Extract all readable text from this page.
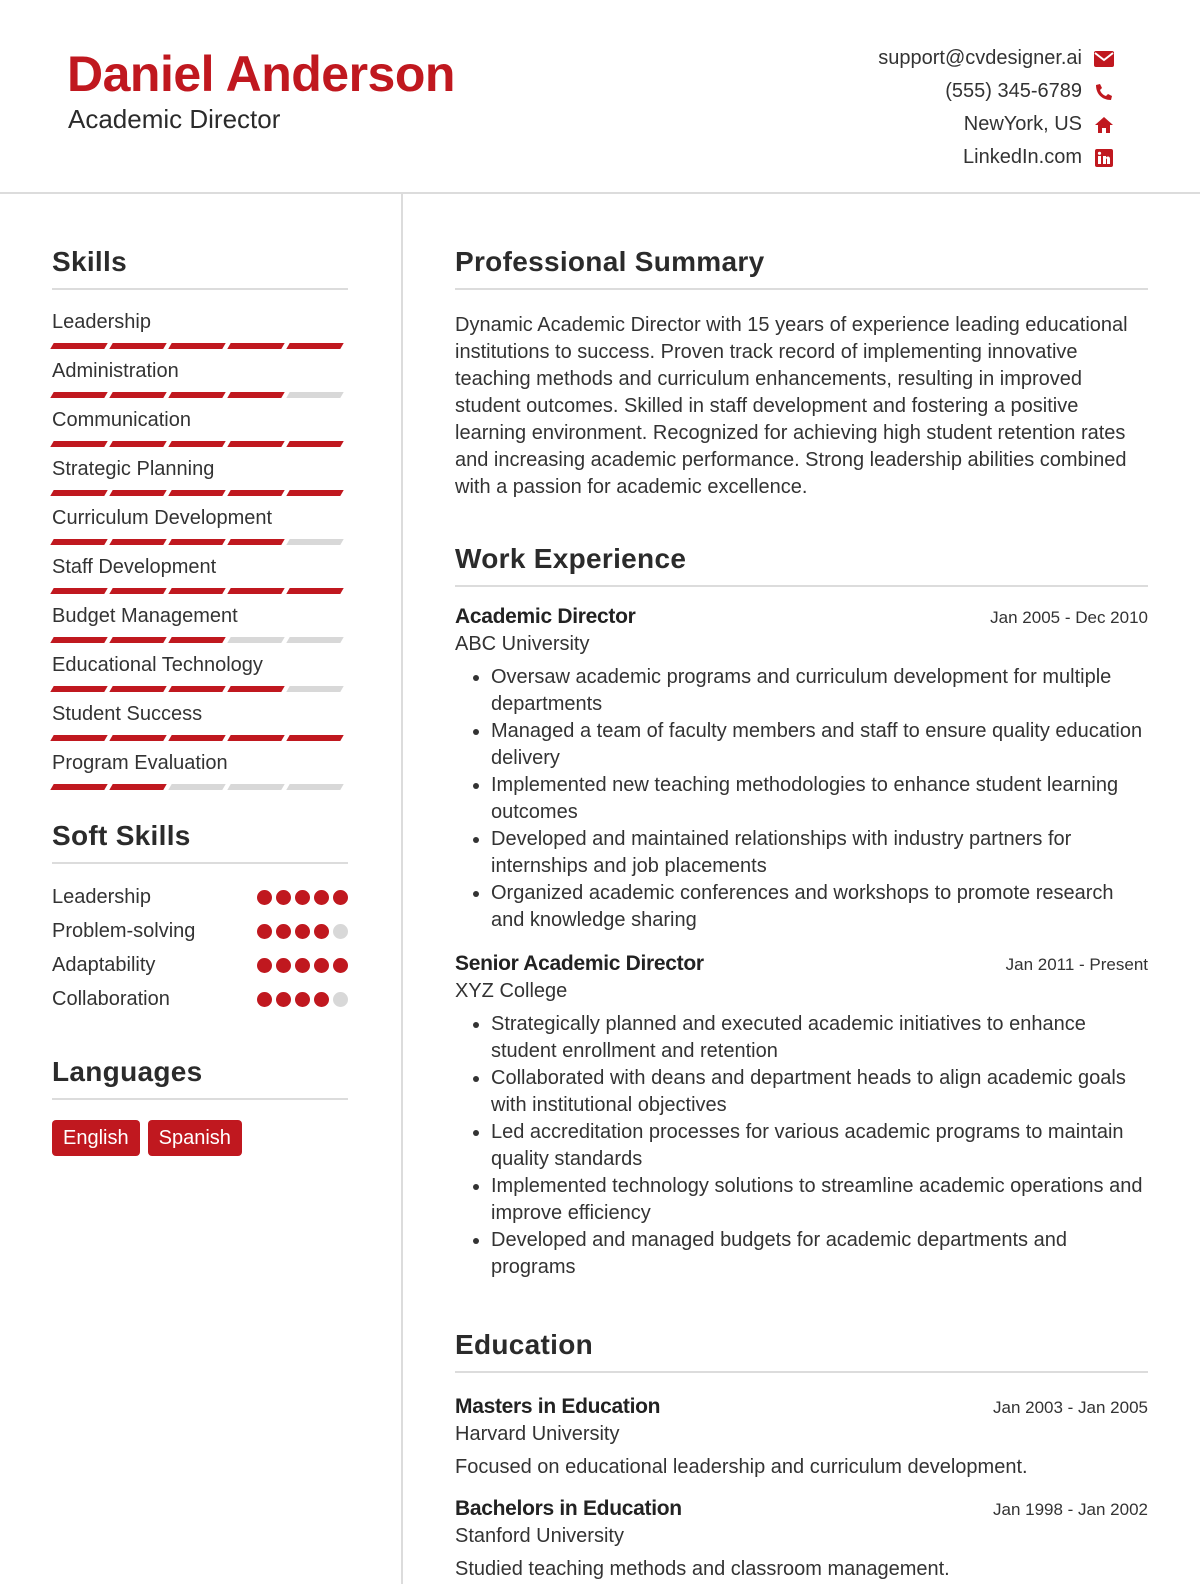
Daniel Anderson
Academic Director
support@cvdesigner.ai
(555) 345-6789
NewYork, US
LinkedIn.com
Skills
Leadership
Administration
Communication
Strategic Planning
Curriculum Development
Staff Development
Budget Management
Educational Technology
Student Success
Program Evaluation
Soft Skills
Leadership
Problem-solving
Adaptability
Collaboration
Languages
English	Spanish
Professional Summary
Dynamic Academic Director with 15 years of experience leading educational institutions to success. Proven track record of implementing innovative teaching methods and curriculum enhancements, resulting in improved student outcomes. Skilled in staff development and fostering a positive learning environment. Recognized for achieving high student retention rates and increasing academic performance. Strong leadership abilities combined with a passion for academic excellence.
Work Experience
Academic Director	Jan 2005 - Dec 2010
ABC University
• Oversaw academic programs and curriculum development for multiple departments
• Managed a team of faculty members and staff to ensure quality education delivery
• Implemented new teaching methodologies to enhance student learning outcomes
• Developed and maintained relationships with industry partners for internships and job placements
• Organized academic conferences and workshops to promote research and knowledge sharing
Senior Academic Director	Jan 2011 - Present
XYZ College
• Strategically planned and executed academic initiatives to enhance student enrollment and retention
• Collaborated with deans and department heads to align academic goals with institutional objectives
• Led accreditation processes for various academic programs to maintain quality standards
• Implemented technology solutions to streamline academic operations and improve efficiency
• Developed and managed budgets for academic departments and programs
Education
Masters in Education	Jan 2003 - Jan 2005
Harvard University
Focused on educational leadership and curriculum development.
Bachelors in Education	Jan 1998 - Jan 2002
Stanford University
Studied teaching methods and classroom management.
